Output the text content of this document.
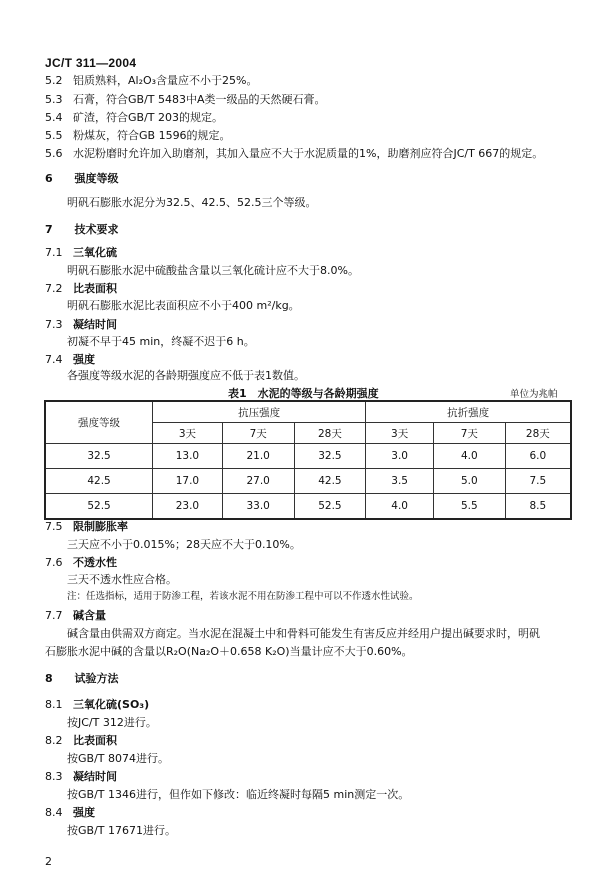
JC/T 311—2004
5.2 铝质熟料，Al₂O₃含量应不小于25%。
5.3 石膏，符合GB/T 5483中A类一级品的天然硬石膏。
5.4 矿渣，符合GB/T 203的规定。
5.5 粉煤灰，符合GB 1596的规定。
5.6 水泥粉磨时允许加入助磨剂，其加入量应不大于水泥质量的1%，助磨剂应符合JC/T 667的规定。
6 强度等级
明矾石膨胀水泥分为32.5、42.5、52.5三个等级。
7 技术要求
7.1 三氧化硫
明矾石膨胀水泥中硫酸盐含量以三氧化硫计应不大于8.0%。
7.2 比表面积
明矾石膨胀水泥比表面积应不小于400 m²/kg。
7.3 凝结时间
初凝不早于45 min，终凝不迟于6 h。
7.4 强度
各强度等级水泥的各龄期强度应不低于表1数值。
表1　水泥的等级与各龄期强度	单位为兆帕
强度等级	抗压强度			抗折强度		
	3天	7天	28天	3天	7天	28天
32.5	13.0	21.0	32.5	3.0	4.0	6.0
42.5	17.0	27.0	42.5	3.5	5.0	7.5
52.5	23.0	33.0	52.5	4.0	5.5	8.5
7.5 限制膨胀率
三天应不小于0.015%；28天应不大于0.10%。
7.6 不透水性
三天不透水性应合格。
注：任选指标，适用于防渗工程，若该水泥不用在防渗工程中可以不作透水性试验。
7.7 碱含量
碱含量由供需双方商定。当水泥在混凝土中和骨料可能发生有害反应并经用户提出碱要求时，明矾
石膨胀水泥中碱的含量以R₂O(Na₂O＋0.658 K₂O)当量计应不大于0.60%。
8 试验方法
8.1 三氧化硫(SO₃)
按JC/T 312进行。
8.2 比表面积
按GB/T 8074进行。
8.3 凝结时间
按GB/T 1346进行，但作如下修改：临近终凝时每隔5 min测定一次。
8.4 强度
按GB/T 17671进行。
2
